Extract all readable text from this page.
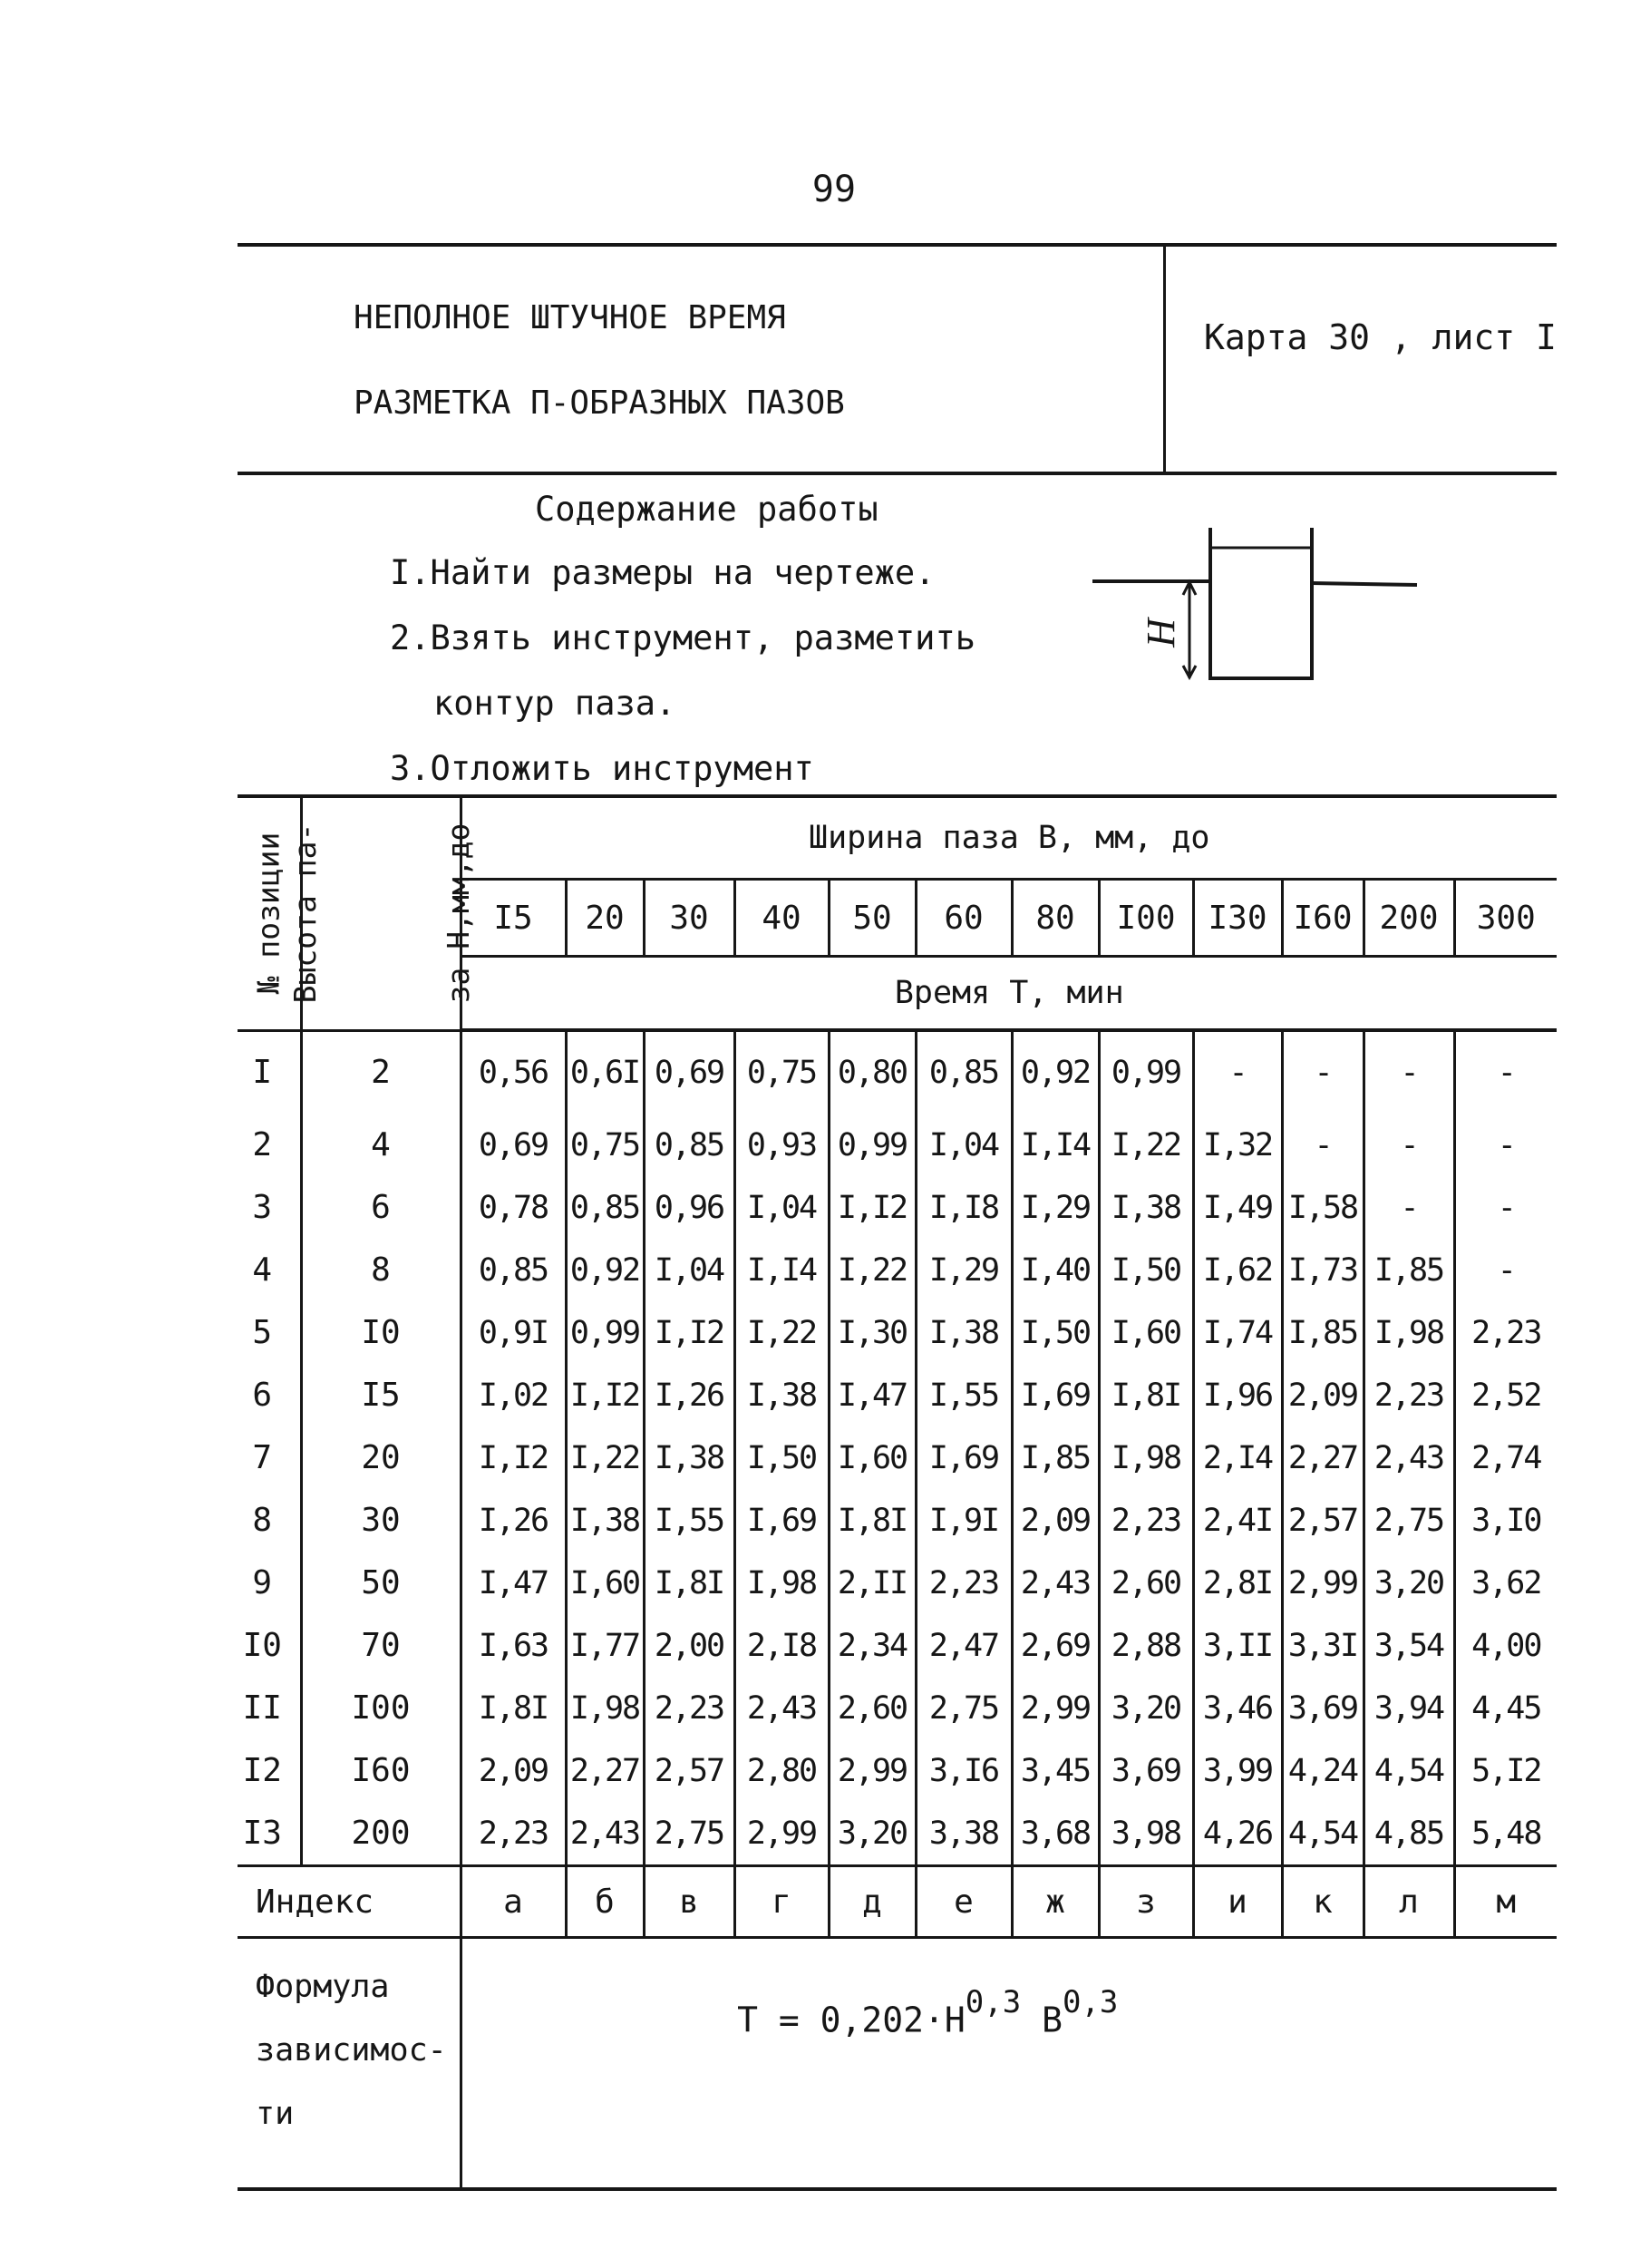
99
НЕПОЛНОЕ ШТУЧНОЕ ВРЕМЯ
РАЗМЕТКА П-ОБРАЗНЫХ ПАЗОВ
Карта 30 , лист I
Содержание работы
I.Найти размеры на чертеже.
2.Взять инструмент, разметить
контур паза.
3.Отложить инструмент
H
№ позиции	Высота па- за Н,мм,до	Ширина паза В, мм, до											
		I5	20	30	40	50	60	80	I00	I30	I60	200	300
		Время Т, мин											
I	2	0,56	0,6I	0,69	0,75	0,80	0,85	0,92	0,99	-	-	-	-
2	4	0,69	0,75	0,85	0,93	0,99	I,04	I,I4	I,22	I,32	-	-	-
3	6	0,78	0,85	0,96	I,04	I,I2	I,I8	I,29	I,38	I,49	I,58	-	-
4	8	0,85	0,92	I,04	I,I4	I,22	I,29	I,40	I,50	I,62	I,73	I,85	-
5	I0	0,9I	0,99	I,I2	I,22	I,30	I,38	I,50	I,60	I,74	I,85	I,98	2,23
6	I5	I,02	I,I2	I,26	I,38	I,47	I,55	I,69	I,8I	I,96	2,09	2,23	2,52
7	20	I,I2	I,22	I,38	I,50	I,60	I,69	I,85	I,98	2,I4	2,27	2,43	2,74
8	30	I,26	I,38	I,55	I,69	I,8I	I,9I	2,09	2,23	2,4I	2,57	2,75	3,I0
9	50	I,47	I,60	I,8I	I,98	2,II	2,23	2,43	2,60	2,8I	2,99	3,20	3,62
I0	70	I,63	I,77	2,00	2,I8	2,34	2,47	2,69	2,88	3,II	3,3I	3,54	4,00
II	I00	I,8I	I,98	2,23	2,43	2,60	2,75	2,99	3,20	3,46	3,69	3,94	4,45
I2	I60	2,09	2,27	2,57	2,80	2,99	3,I6	3,45	3,69	3,99	4,24	4,54	5,I2
I3	200	2,23	2,43	2,75	2,99	3,20	3,38	3,68	3,98	4,26	4,54	4,85	5,48
Индекс		а	б	в	г	д	е	ж	з	и	к	л	м

Формула
зависимос-
ти		$Т = 0,202\cdot Н^{0,3}$ В$^{0,3}$
